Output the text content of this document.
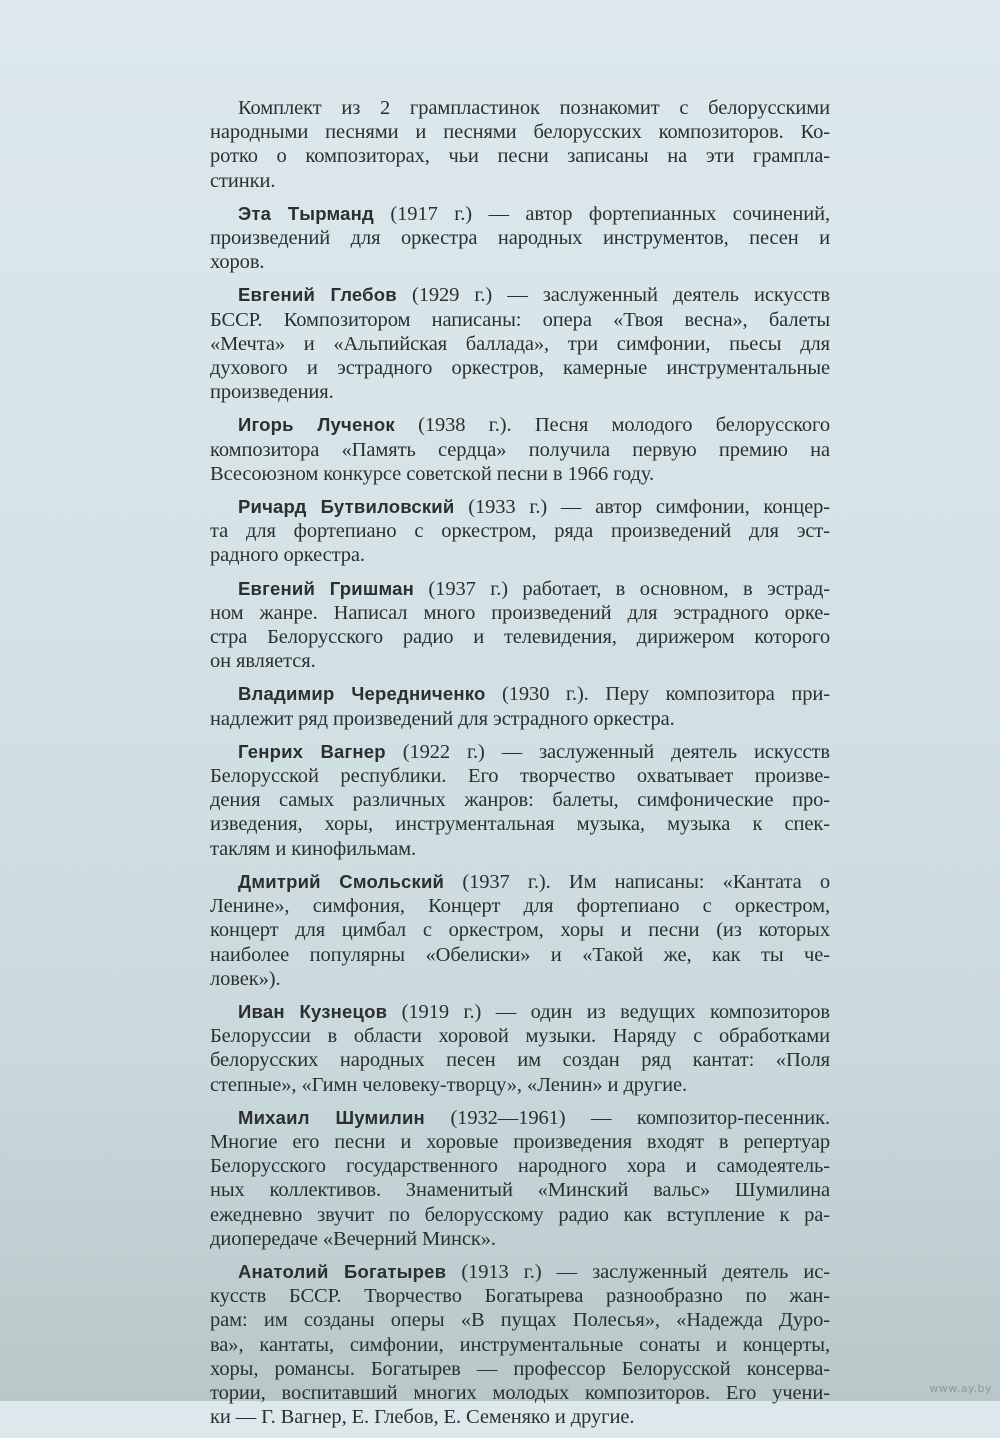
Комплект из 2 грампластинок познакомит с белорусскими
народными песнями и песнями белорусских композиторов. Ко-
ротко о композиторах, чьи песни записаны на эти грампла-
стинки.
Эта Тырманд (1917 г.) — автор фортепианных сочинений,
произведений для оркестра народных инструментов, песен и
хоров.
Евгений Глебов (1929 г.) — заслуженный деятель искусств
БССР. Композитором написаны: опера «Твоя весна», балеты
«Мечта» и «Альпийская баллада», три симфонии, пьесы для
духового и эстрадного оркестров, камерные инструментальные
произведения.
Игорь Лученок (1938 г.). Песня молодого белорусского
композитора «Память сердца» получила первую премию на
Всесоюзном конкурсе советской песни в 1966 году.
Ричард Бутвиловский (1933 г.) — автор симфонии, концер-
та для фортепиано с оркестром, ряда произведений для эст-
радного оркестра.
Евгений Гришман (1937 г.) работает, в основном, в эстрад-
ном жанре. Написал много произведений для эстрадного орке-
стра Белорусского радио и телевидения, дирижером которого
он является.
Владимир Чередниченко (1930 г.). Перу композитора при-
надлежит ряд произведений для эстрадного оркестра.
Генрих Вагнер (1922 г.) — заслуженный деятель искусств
Белорусской республики. Его творчество охватывает произве-
дения самых различных жанров: балеты, симфонические про-
изведения, хоры, инструментальная музыка, музыка к спек-
таклям и кинофильмам.
Дмитрий Смольский (1937 г.). Им написаны: «Кантата о
Ленине», симфония, Концерт для фортепиано с оркестром,
концерт для цимбал с оркестром, хоры и песни (из которых
наиболее популярны «Обелиски» и «Такой же, как ты че-
ловек»).
Иван Кузнецов (1919 г.) — один из ведущих композиторов
Белоруссии в области хоровой музыки. Наряду с обработками
белорусских народных песен им создан ряд кантат: «Поля
степные», «Гимн человеку-творцу», «Ленин» и другие.
Михаил Шумилин (1932—1961) — композитор-песенник.
Многие его песни и хоровые произведения входят в репертуар
Белорусского государственного народного хора и самодеятель-
ных коллективов. Знаменитый «Минский вальс» Шумилина
ежедневно звучит по белорусскому радио как вступление к ра-
диопередаче «Вечерний Минск».
Анатолий Богатырев (1913 г.) — заслуженный деятель ис-
кусств БССР. Творчество Богатырева разнообразно по жан-
рам: им созданы оперы «В пущах Полесья», «Надежда Дуро-
ва», кантаты, симфонии, инструментальные сонаты и концерты,
хоры, романсы. Богатырев — профессор Белорусской консерва-
тории, воспитавший многих молодых композиторов. Его учени-
ки — Г. Вагнер, Е. Глебов, Е. Семеняко и другие.
www.ay.by
